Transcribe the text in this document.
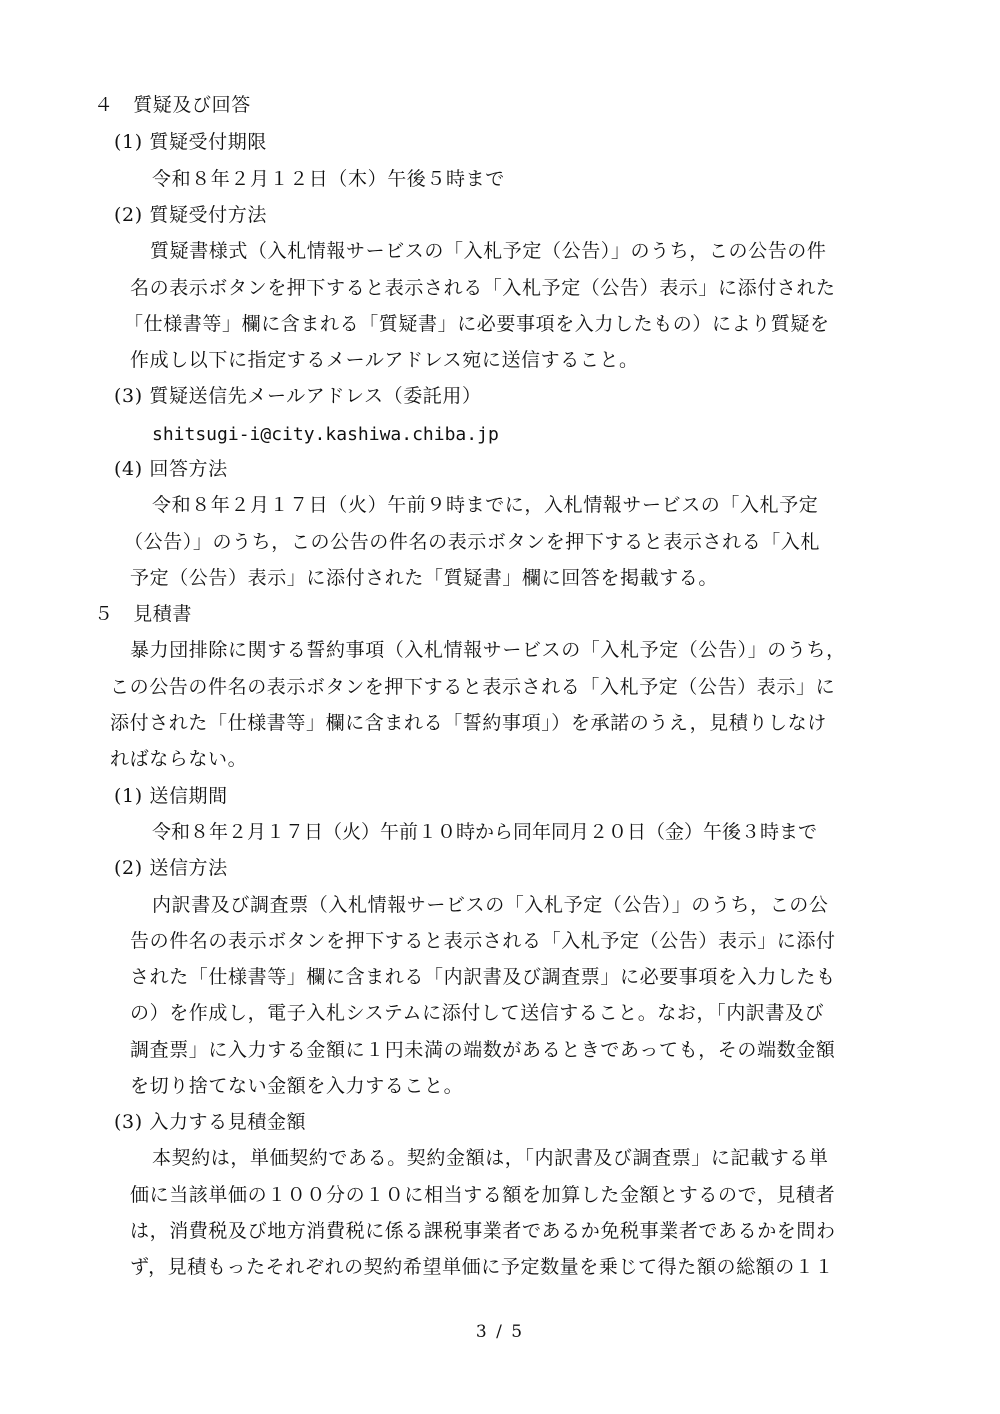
４　質疑及び回答
(1) 質疑受付期限
令和８年２月１２日（木）午後５時まで
(2) 質疑受付方法
質疑書様式（入札情報サービスの「入札予定（公告）」のうち，この公告の件
名の表示ボタンを押下すると表示される「入札予定（公告）表示」に添付された
「仕様書等」欄に含まれる「質疑書」に必要事項を入力したもの）により質疑を
作成し以下に指定するメールアドレス宛に送信すること。
(3) 質疑送信先メールアドレス（委託用）
shitsugi-i@city.kashiwa.chiba.jp
(4) 回答方法
令和８年２月１７日（火）午前９時までに，入札情報サービスの「入札予定
（公告）」のうち，この公告の件名の表示ボタンを押下すると表示される「入札
予定（公告）表示」に添付された「質疑書」欄に回答を掲載する。
５　見積書
暴力団排除に関する誓約事項（入札情報サービスの「入札予定（公告）」のうち，
この公告の件名の表示ボタンを押下すると表示される「入札予定（公告）表示」に
添付された「仕様書等」欄に含まれる「誓約事項」）を承諾のうえ，見積りしなけ
ればならない。
(1) 送信期間
令和８年２月１７日（火）午前１０時から同年同月２０日（金）午後３時まで
(2) 送信方法
内訳書及び調査票（入札情報サービスの「入札予定（公告）」のうち，この公
告の件名の表示ボタンを押下すると表示される「入札予定（公告）表示」に添付
された「仕様書等」欄に含まれる「内訳書及び調査票」に必要事項を入力したも
の）を作成し，電子入札システムに添付して送信すること。なお，「内訳書及び
調査票」に入力する金額に１円未満の端数があるときであっても，その端数金額
を切り捨てない金額を入力すること。
(3) 入力する見積金額
本契約は，単価契約である。契約金額は，「内訳書及び調査票」に記載する単
価に当該単価の１００分の１０に相当する額を加算した金額とするので，見積者
は，消費税及び地方消費税に係る課税事業者であるか免税事業者であるかを問わ
ず，見積もったそれぞれの契約希望単価に予定数量を乗じて得た額の総額の１１
3 / 5
